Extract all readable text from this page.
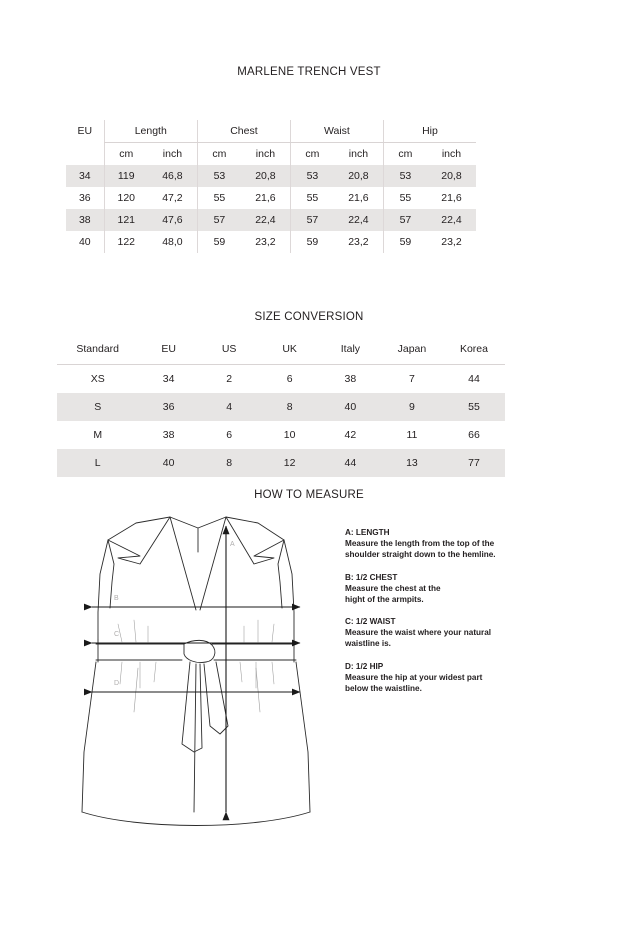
MARLENE TRENCH VEST
EU	Length		Chest		Waist		Hip	
	cm	inch	cm	inch	cm	inch	cm	inch
34	119	46,8	53	20,8	53	20,8	53	20,8
36	120	47,2	55	21,6	55	21,6	55	21,6
38	121	47,6	57	22,4	57	22,4	57	22,4
40	122	48,0	59	23,2	59	23,2	59	23,2
SIZE CONVERSION
Standard	EU	US	UK	Italy	Japan	Korea
XS	34	2	6	38	7	44
S	36	4	8	40	9	55
M	38	6	10	42	11	66
L	40	8	12	44	13	77
HOW TO MEASURE
A
B
C
D
A: LENGTH
Measure the length from the top of the
shoulder straight down to the hemline.
B: 1/2 CHEST
Measure the chest at the
hight of the armpits.
C: 1/2 WAIST
Measure the waist where your natural
waistline is.
D: 1/2 HIP
Measure the hip at your widest part
below the waistline.
